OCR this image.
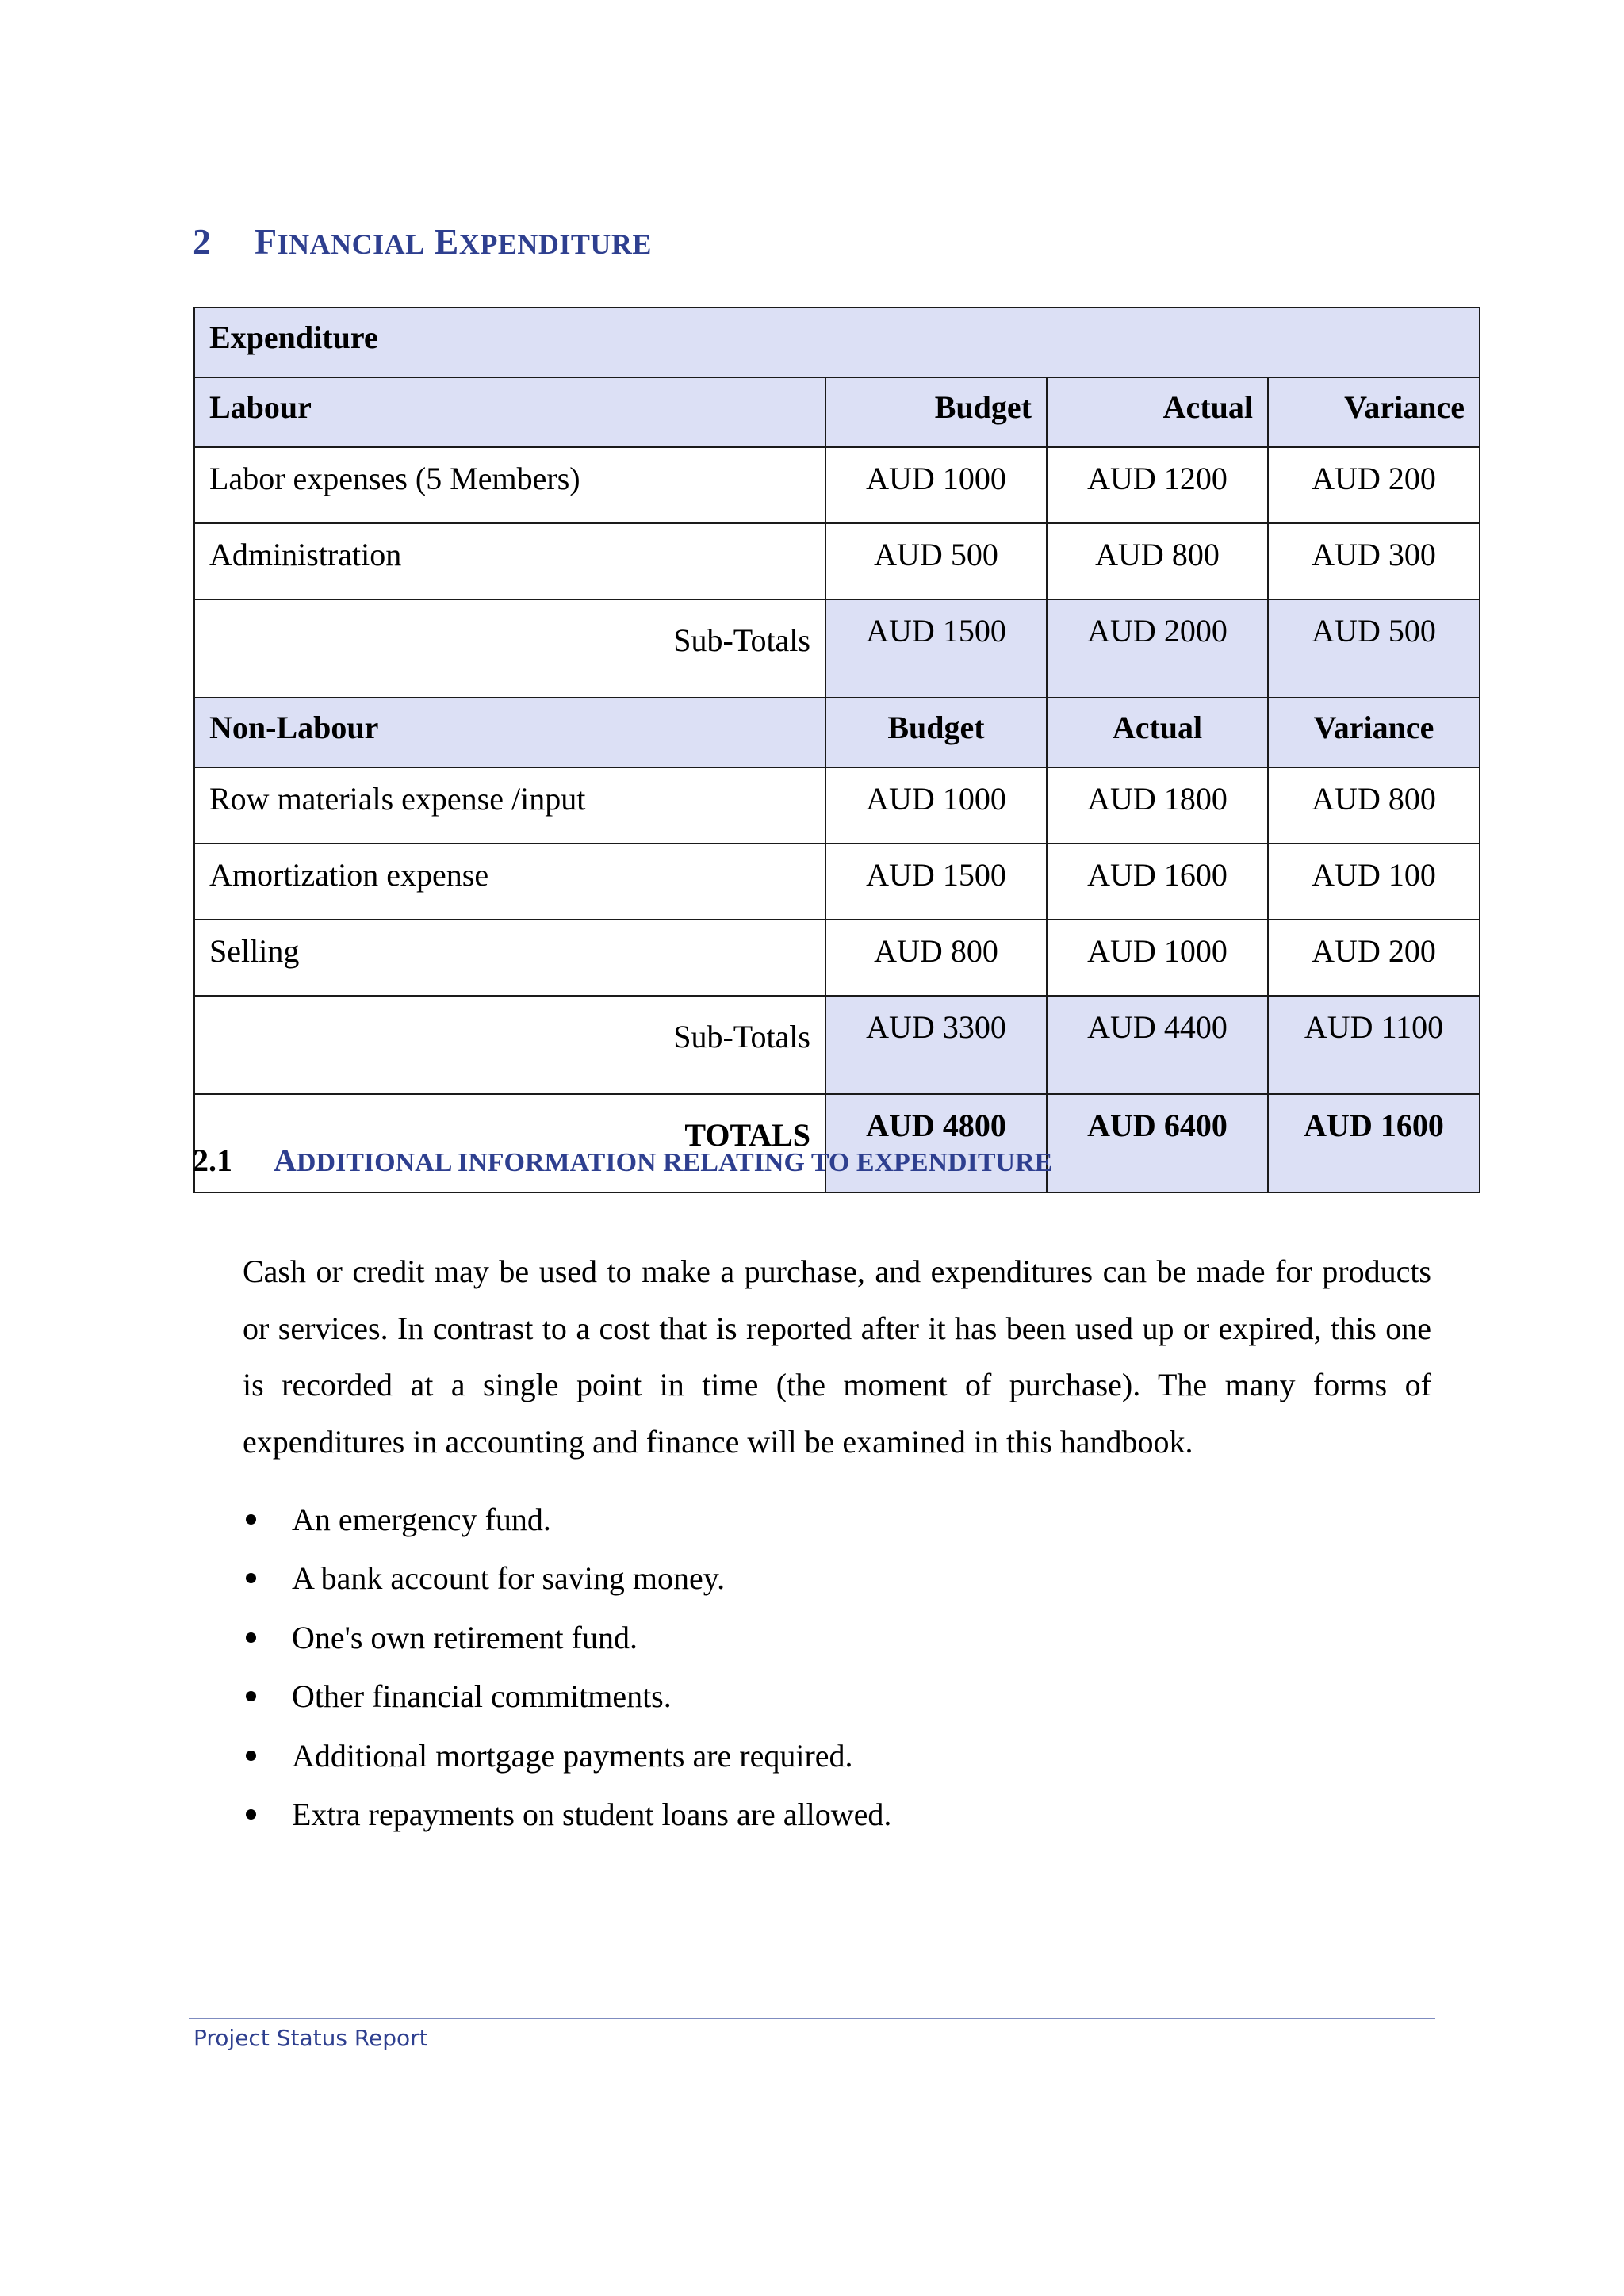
2 FINANCIAL EXPENDITURE
Expenditure			
Labour	Budget	Actual	Variance
Labor expenses (5 Members)	AUD 1000	AUD 1200	AUD 200
Administration	AUD 500	AUD 800	AUD 300
Sub-Totals	AUD 1500	AUD 2000	AUD 500
Non-Labour	Budget	Actual	Variance
Row materials expense /input	AUD 1000	AUD 1800	AUD 800
Amortization expense	AUD 1500	AUD 1600	AUD 100
Selling	AUD 800	AUD 1000	AUD 200
Sub-Totals	AUD 3300	AUD 4400	AUD 1100
TOTALS	AUD 4800	AUD 6400	AUD 1600
2.1 ADDITIONAL INFORMATION RELATING TO EXPENDITURE
Cash or credit may be used to make a purchase, and expenditures can be made for products or services. In contrast to a cost that is reported after it has been used up or expired, this one is recorded at a single point in time (the moment of purchase). The many forms of expenditures in accounting and finance will be examined in this handbook.
An emergency fund.
A bank account for saving money.
One's own retirement fund.
Other financial commitments.
Additional mortgage payments are required.
Extra repayments on student loans are allowed.
Project Status Report
